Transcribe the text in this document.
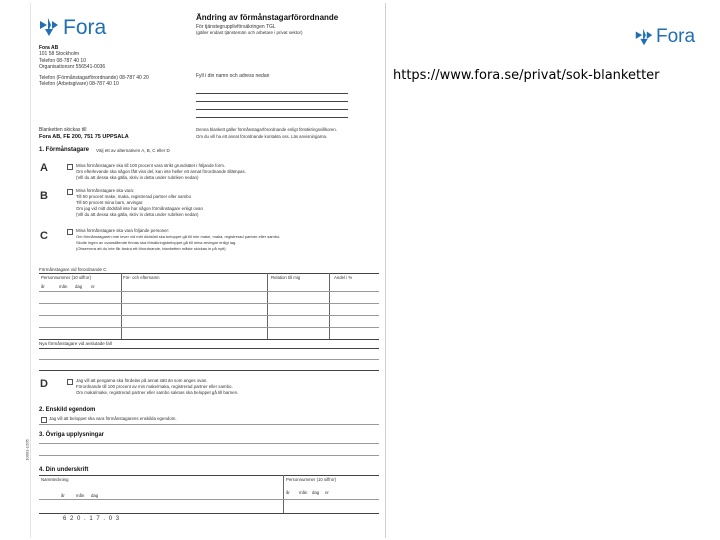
Fora
Fora AB
101 58 Stockholm
Telefon 08-787 40 10
Organisationsnr 556541-0036
Telefon (Förmånstagarförordnande) 08-787 40 20
Telefon (Arbetsgivare) 08-787 40 10
Ändring av förmånstagarförordnande
För tjänstegrupplivförsäkringen TGL
(gäller endast tjänstemän och arbetare i privat sektor)
Fyll i din namn och adress nedan
Blanketten skickas till
Fora AB, FE 200, 751 75 UPPSALA
Denna blankett gäller förmånstagarförordnande enligt försäkringsvillkoren.
Om du vill ha ett annat förordnande kontakta oss. Läs anvisningarna.
1. Förmånstagare Välj ett av alternativen A, B, C eller D
A	Mina förmånstagare ska till 100 procent vara strikt grundsätet i följande form.
Om efterlevande ska någon fått viss del, kan inte heller ett annat förordnande tillämpas.
(Vill du att dessa ska gälla, skriv in detta under rubriken nedan)
B	Mina förmånstagare ska vara:
Till 50 procent make, maka, registrerad partner eller sambo
Till 50 procent mina barn, arvingar.
Om jag vid mitt dödsfall inte har någon förmånstagare enligt ovan
(Vill du att dessa ska gälla, skriv in detta under rubriken nedan)
C	Mina förmånstagare ska vara följande personer:
Om förmånstagaren inte lever vid mitt dödsfall ska beloppet gå till min make, maka, registrerad partner eller sambo.
Skulle ingen av ovanstående finnas ska försäkringsbeloppet gå till mina arvingar enligt lag.
(Observera att du inte får ändra ett förordnande, blanketten måste skickas in på nytt)
Förmånstagare vid förordnande C
Personnummer (10 siffror)	För- och efternamn	Relation till mig	Andel i %
år	mån dag nr
Nya förmånstagare vid avslutade fall
D	Jag vill att pengarna ska fördelas på annat sätt än som anges ovan.
Förordnande till 100 procent av min make/maka, registrerad partner eller sambo.
Om maka/make, registrerad partner eller sambo saknas ska beloppet gå till barnen.
2. Enskild egendom
Jag vill att beloppet ska vara förmånstagarens enskilda egendom.
3. Övriga upplysningar
4. Din underskrift
Namnteckning	Personnummer (10 siffror)
år mån dag nr
år	mån dag
6 2 0 . 1 7 . 0 3
10001-1205
Fora
https://www.fora.se/privat/sok-blanketter
